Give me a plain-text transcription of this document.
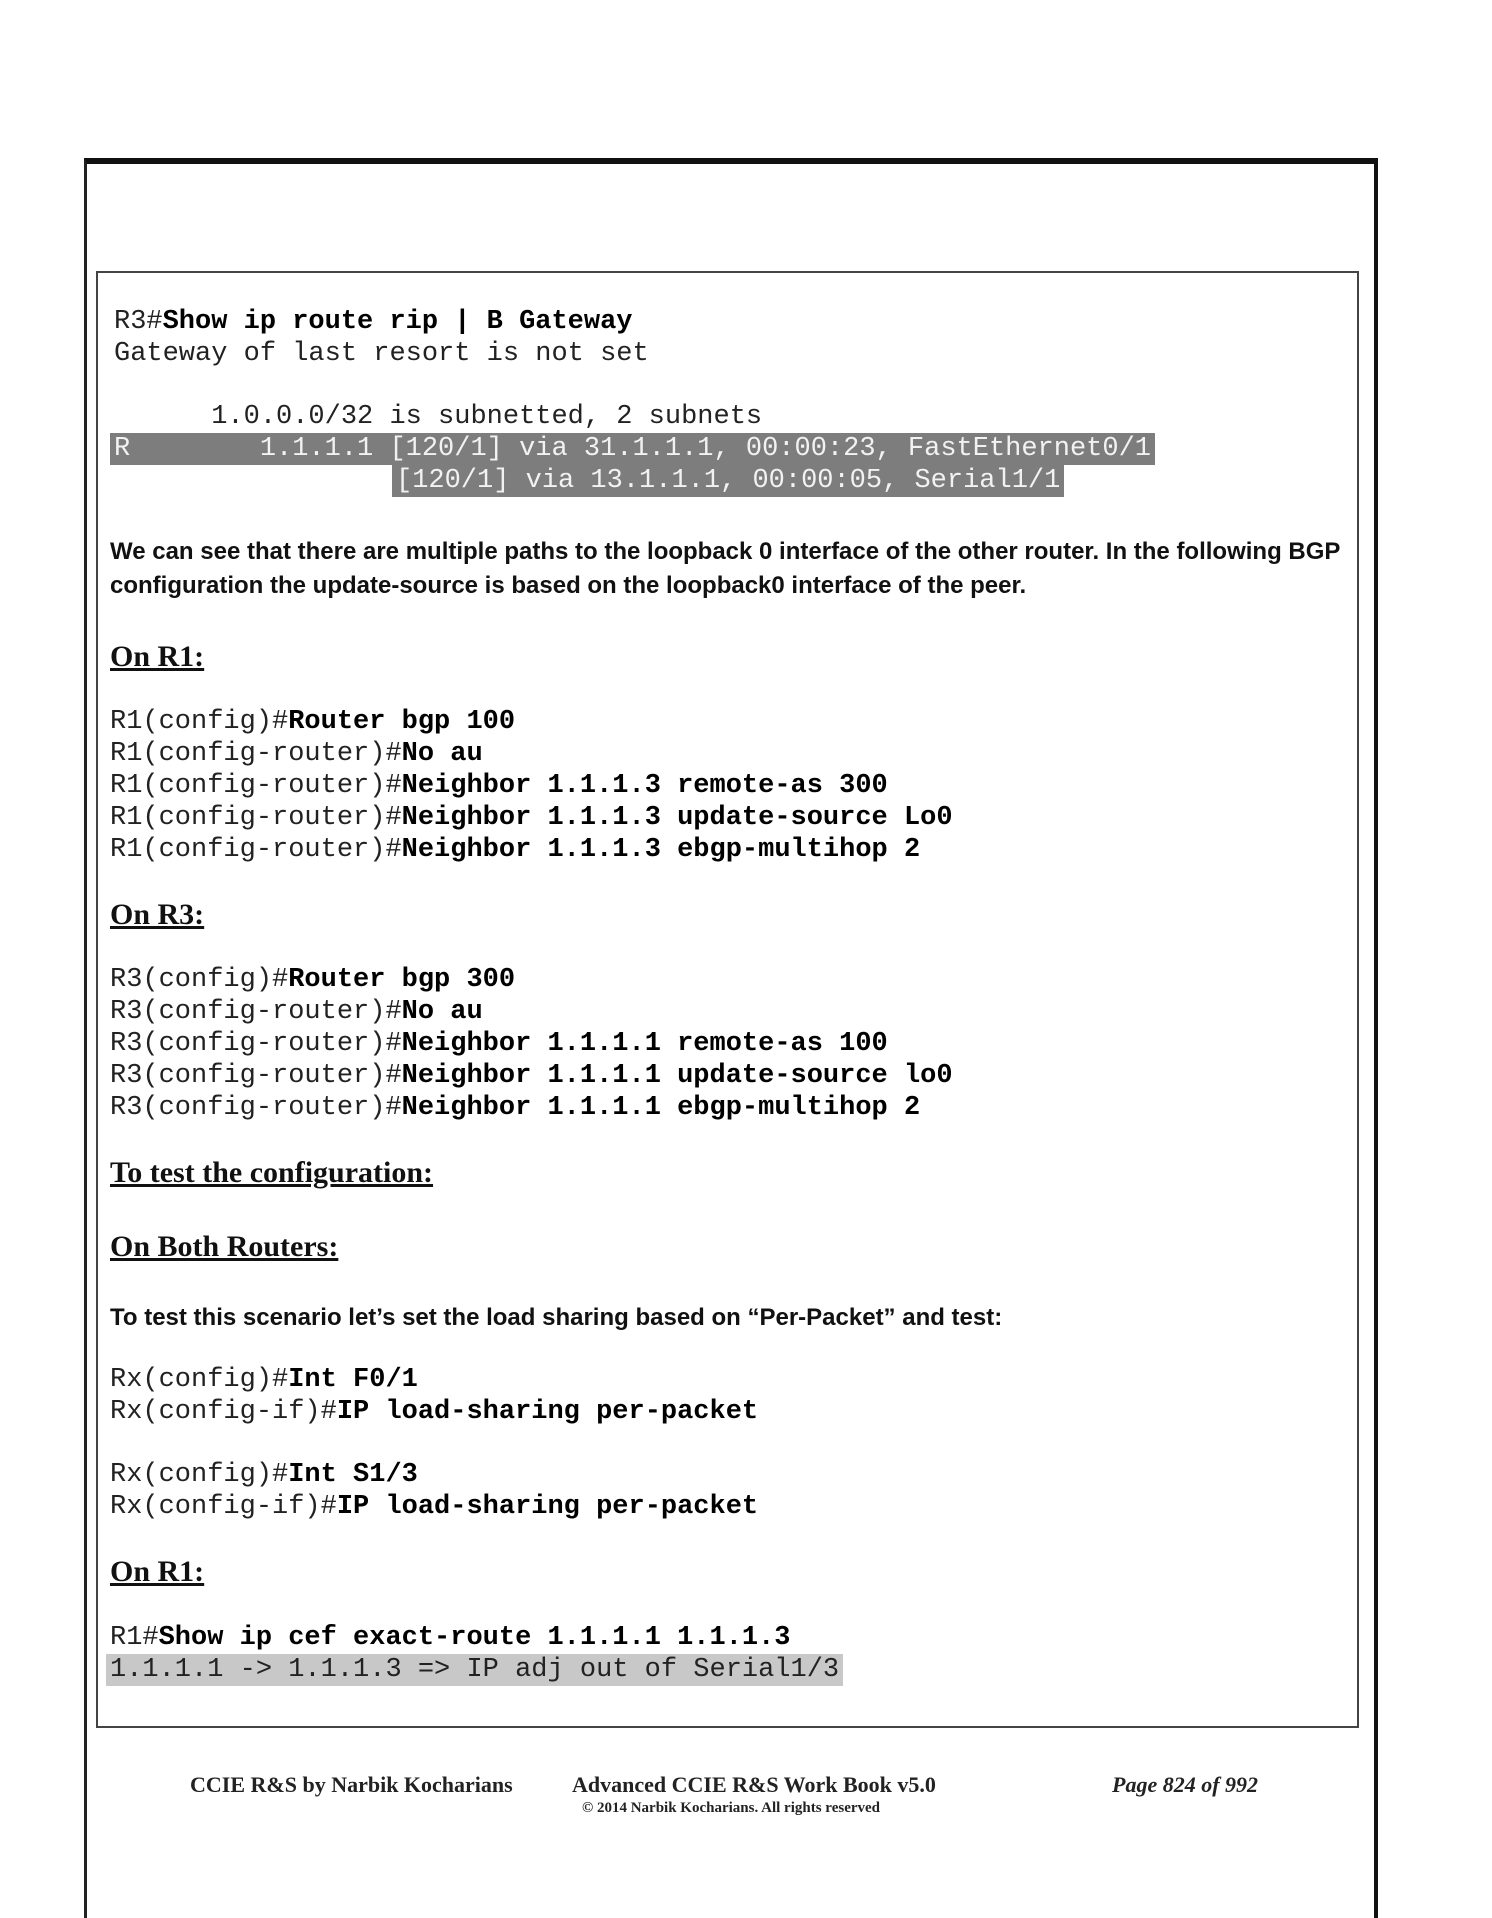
R3#Show ip route rip | B Gateway
Gateway of last resort is not set
1.0.0.0/32 is subnetted, 2 subnets
R        1.1.1.1 [120/1] via 31.1.1.1, 00:00:23, FastEthernet0/1
[120/1] via 13.1.1.1, 00:00:05, Serial1/1
We can see that there are multiple paths to the loopback 0 interface of the other router. In the following BGP configuration the update-source is based on the loopback0 interface of the peer.
On R1:
R1(config)#Router bgp 100
R1(config-router)#No au
R1(config-router)#Neighbor 1.1.1.3 remote-as 300
R1(config-router)#Neighbor 1.1.1.3 update-source Lo0
R1(config-router)#Neighbor 1.1.1.3 ebgp-multihop 2
On R3:
R3(config)#Router bgp 300
R3(config-router)#No au
R3(config-router)#Neighbor 1.1.1.1 remote-as 100
R3(config-router)#Neighbor 1.1.1.1 update-source lo0
R3(config-router)#Neighbor 1.1.1.1 ebgp-multihop 2
To test the configuration:
On Both Routers:
To test this scenario let’s set the load sharing based on “Per-Packet” and test:
Rx(config)#Int F0/1
Rx(config-if)#IP load-sharing per-packet
Rx(config)#Int S1/3
Rx(config-if)#IP load-sharing per-packet
On R1:
R1#Show ip cef exact-route 1.1.1.1 1.1.1.3
1.1.1.1 -> 1.1.1.3 => IP adj out of Serial1/3
CCIE R&S by Narbik Kocharians	Advanced CCIE R&S Work Book v5.0
© 2014 Narbik Kocharians. All rights reserved
Page 824 of 992
